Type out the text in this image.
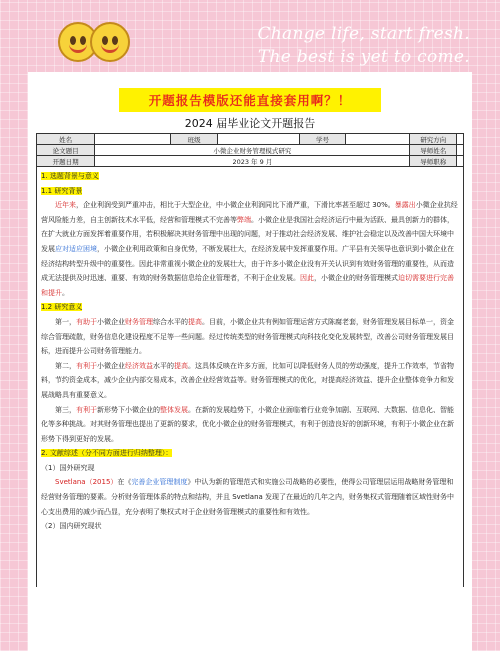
Change life, start fresh.
The best is yet to come.
开题报告模版还能直接套用啊？！
2024 届毕业论文开题报告
姓名		班级		学号		研究方向	
论文题目	小微企业财务管理模式研究					导师姓名	
开题日期	2023 年 9 月					导师职称	

1. 选题背景与意义

1.1 研究背景

近年来，企业利润受到严重冲击，相比于大型企业，中小微企业利润同比下滑严重，下滑比率甚至超过 30%。暴露出小微企业抗经营风险能力差，自主创新技术水平低，经营和管理模式不完善等弊端。小微企业是我国社会经济运行中最为活跃、最具创新力的群体，在扩大就业方面发挥着重要作用，若积极解决其财务管理中出现的问题，对于推动社会经济发展、维护社会稳定以及改善中国大环境中发展应对适应困境，小微企业利用政策和自身优势，不断发展壮大，在经济发展中发挥重要作用。广平县有关领导也意识到小微企业在经济结构转型升级中的重要性。因此非常重视小微企业的发展壮大，由于许多小微企业没有开关认识到有效财务管理的重要性，从而造成无法提供及时迅速、重要、有效的财务数据信息给企业管理者，不利于企业发展。因此，小微企业的财务管理模式迫切需要进行完善和提升。

1.2 研究意义

第一，有助于小微企业财务管理综合水平的提高。目前，小微企业共有例如管理运营方式陈腐老套，财务管理发展目标单一，资金综合管理疏散，财务信息化建设程度不足等一些问题。经过传统类型的财务管理模式向科技化变化发展转型，改善公司财务管理发展目标，进而提升公司财务管理能力。

第二，有利于小微企业经济效益水平的提高。这具体反映在许多方面，比如可以降低财务人员的劳动强度，提升工作效率，节省物料，节约资金成本，减少企业内部交易成本，改善企业经营效益等。财务管理模式的优化，对提高经济效益、提升企业整体竞争力和发展战略具有重要意义。

第三，有利于新形势下小微企业的整体发展。在新的发展趋势下，小微企业面临着行业竞争加剧、互联网、大数据、信息化、智能化等多种挑战。对其财务管理也提出了更新的要求，优化小微企业的财务管理模式，有利于创造良好的创新环境，有利于小微企业在新形势下得到更好的发展。

2. 文献综述（分不同方面进行归纳整理）：

（1）国外研究现

Svetlana（2015）在《完善企业管理制度》中认为新的管理范式和实施公司战略的必要性，使得公司管理层运用战略财务管理和经营财务管理的要素。分析财务管理体系的特点和结构，并且 Svetlana 发现了在最近的几年之内，财务集权式管理随着区域性财务中心支出费用的减少而凸显，充分表明了集权式对于企业财务管理模式的重要性和有效性。

（2）国内研究现状
